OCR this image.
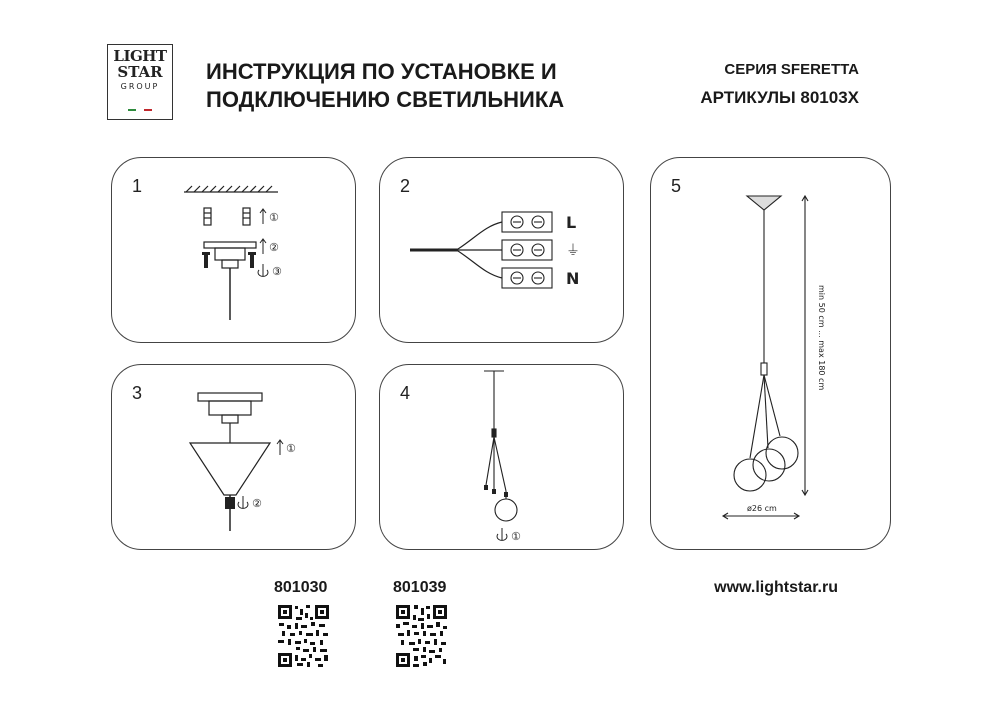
LIGHT
STAR
GROUP
ИНСТРУКЦИЯ ПО УСТАНОВКЕ И
ПОДКЛЮЧЕНИЮ СВЕТИЛЬНИКА
СЕРИЯ SFERETTA
АРТИКУЛЫ 80103X
1
①
②
③
2
L
⏚
N
3
①
②
4
①
5
min 50 cm ... max 180 cm
ø26 cm
801030	801039	www.lightstar.ru
